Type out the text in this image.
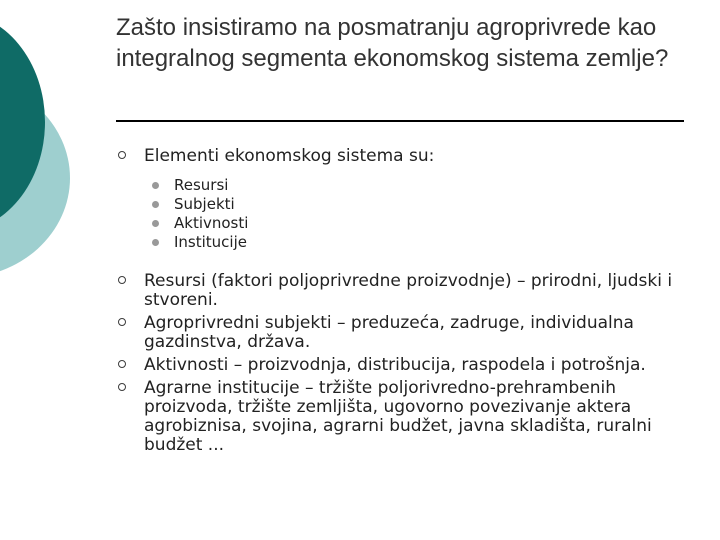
Zašto insistiramo na posmatranju agroprivrede kao integralnog segmenta ekonomskog sistema zemlje?
Elementi ekonomskog sistema su:
Resursi
Subjekti
Aktivnosti
Institucije
Resursi (faktori poljoprivredne proizvodnje) – prirodni, ljudski i stvoreni.
Agroprivredni subjekti – preduzeća, zadruge, individualna gazdinstva, država.
Aktivnosti – proizvodnja, distribucija, raspodela i potrošnja.
Agrarne institucije – tržište poljorivredno-prehrambenih proizvoda, tržište zemljišta, ugovorno povezivanje aktera agrobiznisa, svojina, agrarni budžet, javna skladišta, ruralni budžet ...
